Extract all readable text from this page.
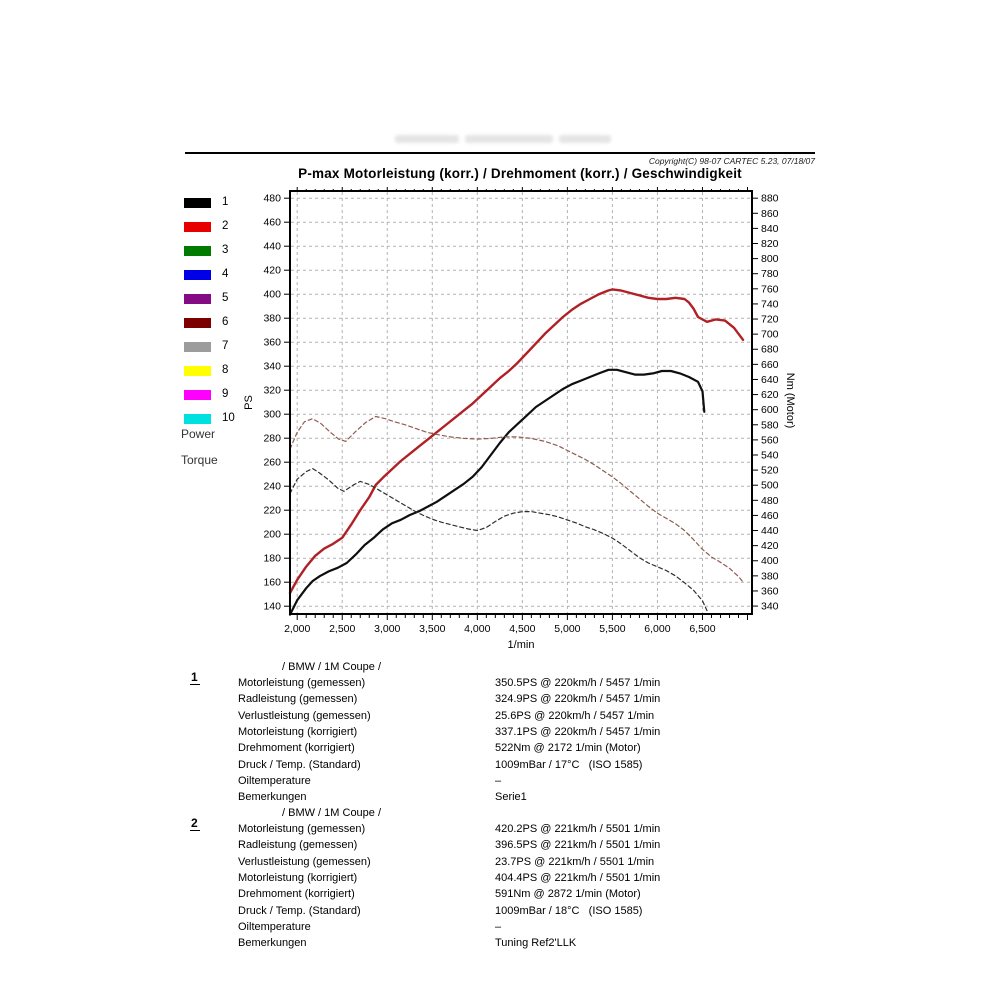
Copyright(C) 98-07 CARTEC 5.23, 07/18/07
P-max Motorleistung (korr.) / Drehmoment (korr.) / Geschwindigkeit
1
2
3
4
5
6
7
8
9
10
Power
Torque
2,000 2,500 3,000 3,500 4,000 4,500 5,000 5,500 6,000 6,500
140
160
180
200
220
240
260
280
300
320
340
360
380
400
420
440
460
480
340
360
380
400
420
440
460
480
500
520
540
560
580
600
620
640
660
680
700
720
740
760
780
800
820
840
860
880
1/min
PS	Nm (Motor)
1
/ BMW / 1M Coupe /
Motorleistung (gemessen)	350.5PS @ 220km/h / 5457 1/min
Radleistung (gemessen)	324.9PS @ 220km/h / 5457 1/min
Verlustleistung (gemessen)	25.6PS @ 220km/h / 5457 1/min
Motorleistung (korrigiert)	337.1PS @ 220km/h / 5457 1/min
Drehmoment (korrigiert)	522Nm @ 2172 1/min (Motor)
Druck / Temp. (Standard)	1009mBar / 17°C   (ISO 1585)
Oiltemperature	–
Bemerkungen	Serie1
2
/ BMW / 1M Coupe /
Motorleistung (gemessen)	420.2PS @ 221km/h / 5501 1/min
Radleistung (gemessen)	396.5PS @ 221km/h / 5501 1/min
Verlustleistung (gemessen)	23.7PS @ 221km/h / 5501 1/min
Motorleistung (korrigiert)	404.4PS @ 221km/h / 5501 1/min
Drehmoment (korrigiert)	591Nm @ 2872 1/min (Motor)
Druck / Temp. (Standard)	1009mBar / 18°C   (ISO 1585)
Oiltemperature	–
Bemerkungen	Tuning Ref2'LLK
